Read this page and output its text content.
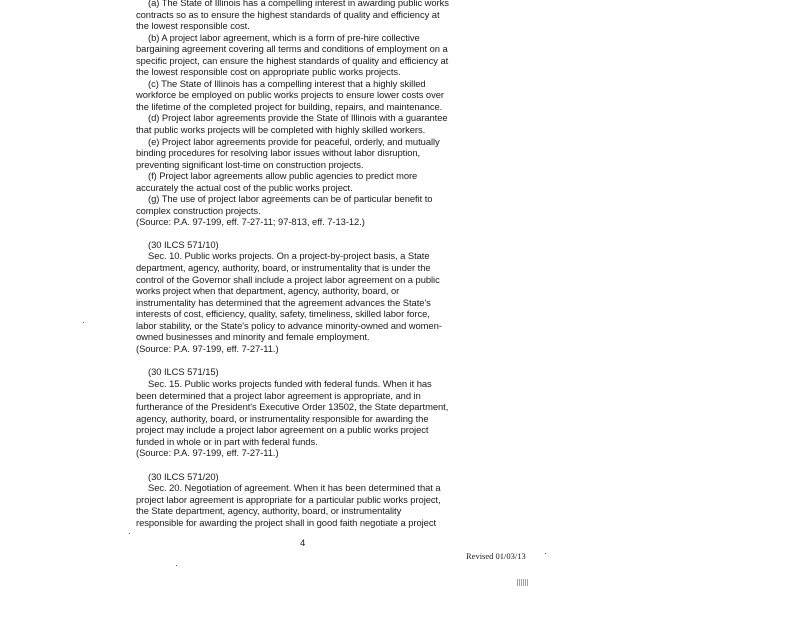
(a) The State of Illinois has a compelling interest in awarding public works

contracts so as to ensure the highest standards of quality and efficiency at

the lowest responsible cost.

(b) A project labor agreement, which is a form of pre-hire collective

bargaining agreement covering all terms and conditions of employment on a

specific project, can ensure the highest standards of quality and efficiency at

the lowest responsible cost on appropriate public works projects.

(c) The State of Illinois has a compelling interest that a highly skilled

workforce be employed on public works projects to ensure lower costs over

the lifetime of the completed project for building, repairs, and maintenance.

(d) Project labor agreements provide the State of Illinois with a guarantee

that public works projects will be completed with highly skilled workers.

(e) Project labor agreements provide for peaceful, orderly, and mutually

binding procedures for resolving labor issues without labor disruption,

preventing significant lost-time on construction projects.

(f) Project labor agreements allow public agencies to predict more

accurately the actual cost of the public works project.

(g) The use of project labor agreements can be of particular benefit to

complex construction projects.

(Source: P.A. 97-199, eff. 7-27-11; 97-813, eff. 7-13-12.)

(30 ILCS 571/10)

Sec. 10. Public works projects. On a project-by-project basis, a State

department, agency, authority, board, or instrumentality that is under the

control of the Governor shall include a project labor agreement on a public

works project when that department, agency, authority, board, or

instrumentality has determined that the agreement advances the State's

interests of cost, efficiency, quality, safety, timeliness, skilled labor force,

labor stability, or the State's policy to advance minority-owned and women-

owned businesses and minority and female employment.

(Source: P.A. 97-199, eff. 7-27-11.)

(30 ILCS 571/15)

Sec. 15. Public works projects funded with federal funds. When it has

been determined that a project labor agreement is appropriate, and in

furtherance of the President's Executive Order 13502, the State department,

agency, authority, board, or instrumentality responsible for awarding the

project may include a project labor agreement on a public works project

funded in whole or in part with federal funds.

(Source: P.A. 97-199, eff. 7-27-11.)

(30 ILCS 571/20)

Sec. 20. Negotiation of agreement. When it has been determined that a

project labor agreement is appropriate for a particular public works project,

the State department, agency, authority, board, or instrumentality

responsible for awarding the project shall in good faith negotiate a project

4
Revised 01/03/13
